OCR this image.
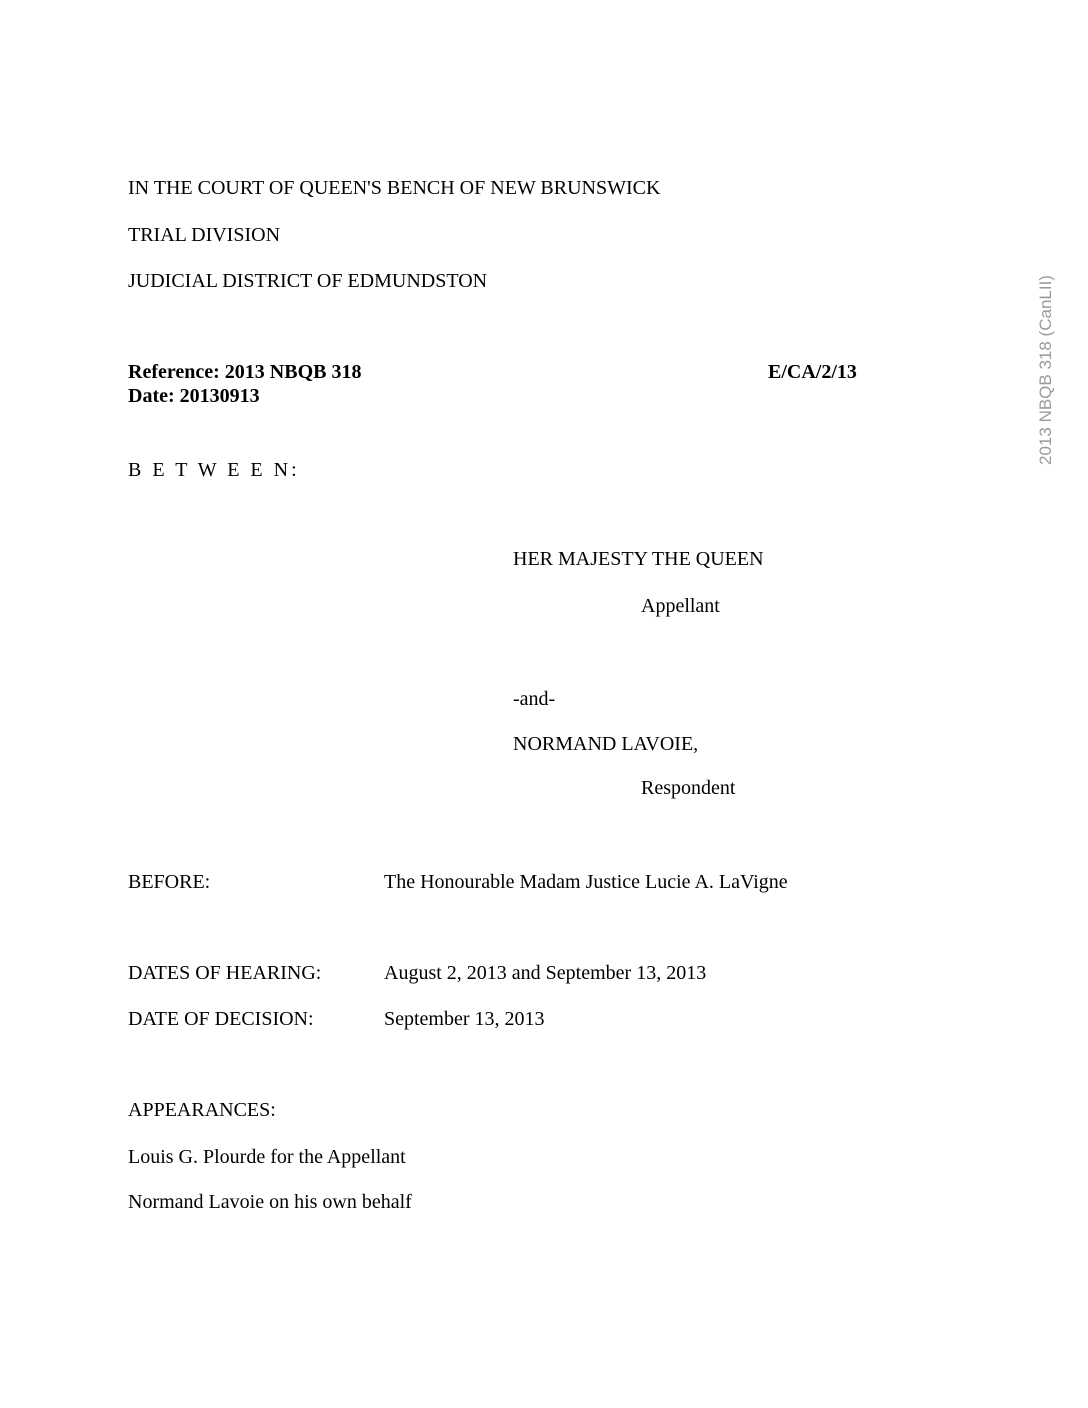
IN THE COURT OF QUEEN'S BENCH OF NEW BRUNSWICK
TRIAL DIVISION
JUDICIAL DISTRICT OF EDMUNDSTON
Reference: 2013 NBQB 318
Date: 20130913
E/CA/2/13
B E T W E E N:
HER MAJESTY THE QUEEN
Appellant
-and-
NORMAND LAVOIE,
Respondent
BEFORE:	The Honourable Madam Justice Lucie A. LaVigne
DATES OF HEARING:	August 2, 2013 and September 13, 2013
DATE OF DECISION:	September 13, 2013
APPEARANCES:
Louis G. Plourde for the Appellant
Normand Lavoie on his own behalf
2013 NBQB 318 (CanLII)
